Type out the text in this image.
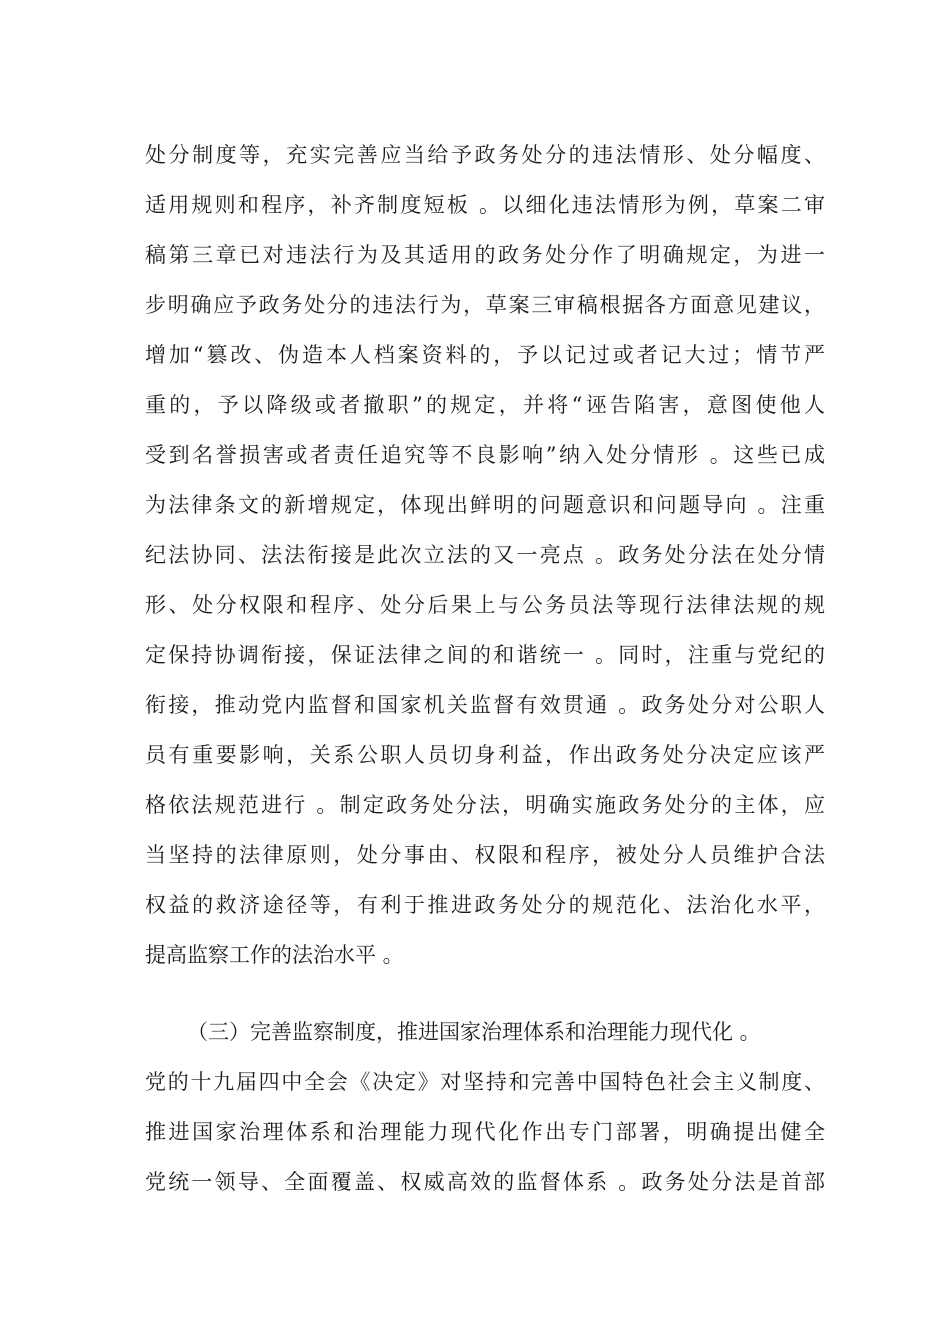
处分制度等，充实完善应当给予政务处分的违法情形、处分幅度、
适用规则和程序，补齐制度短板 。以细化违法情形为例，草案二审
稿第三章已对违法行为及其适用的政务处分作了明确规定，为进一
步明确应予政务处分的违法行为，草案三审稿根据各方面意见建议，
增加“篡改、伪造本人档案资料的，予以记过或者记大过；情节严
重的，予以降级或者撤职”的规定，并将“诬告陷害，意图使他人
受到名誉损害或者责任追究等不良影响”纳入处分情形 。这些已成
为法律条文的新增规定，体现出鲜明的问题意识和问题导向 。注重
纪法协同、法法衔接是此次立法的又一亮点 。政务处分法在处分情
形、处分权限和程序、处分后果上与公务员法等现行法律法规的规
定保持协调衔接，保证法律之间的和谐统一 。同时，注重与党纪的
衔接，推动党内监督和国家机关监督有效贯通 。政务处分对公职人
员有重要影响，关系公职人员切身利益，作出政务处分决定应该严
格依法规范进行 。制定政务处分法，明确实施政务处分的主体，应
当坚持的法律原则，处分事由、权限和程序，被处分人员维护合法
权益的救济途径等，有利于推进政务处分的规范化、法治化水平，
提高监察工作的法治水平 。
（三）完善监察制度，推进国家治理体系和治理能力现代化 。
党的十九届四中全会《决定》对坚持和完善中国特色社会主义制度、
推进国家治理体系和治理能力现代化作出专门部署，明确提出健全
党统一领导、全面覆盖、权威高效的监督体系 。政务处分法是首部
